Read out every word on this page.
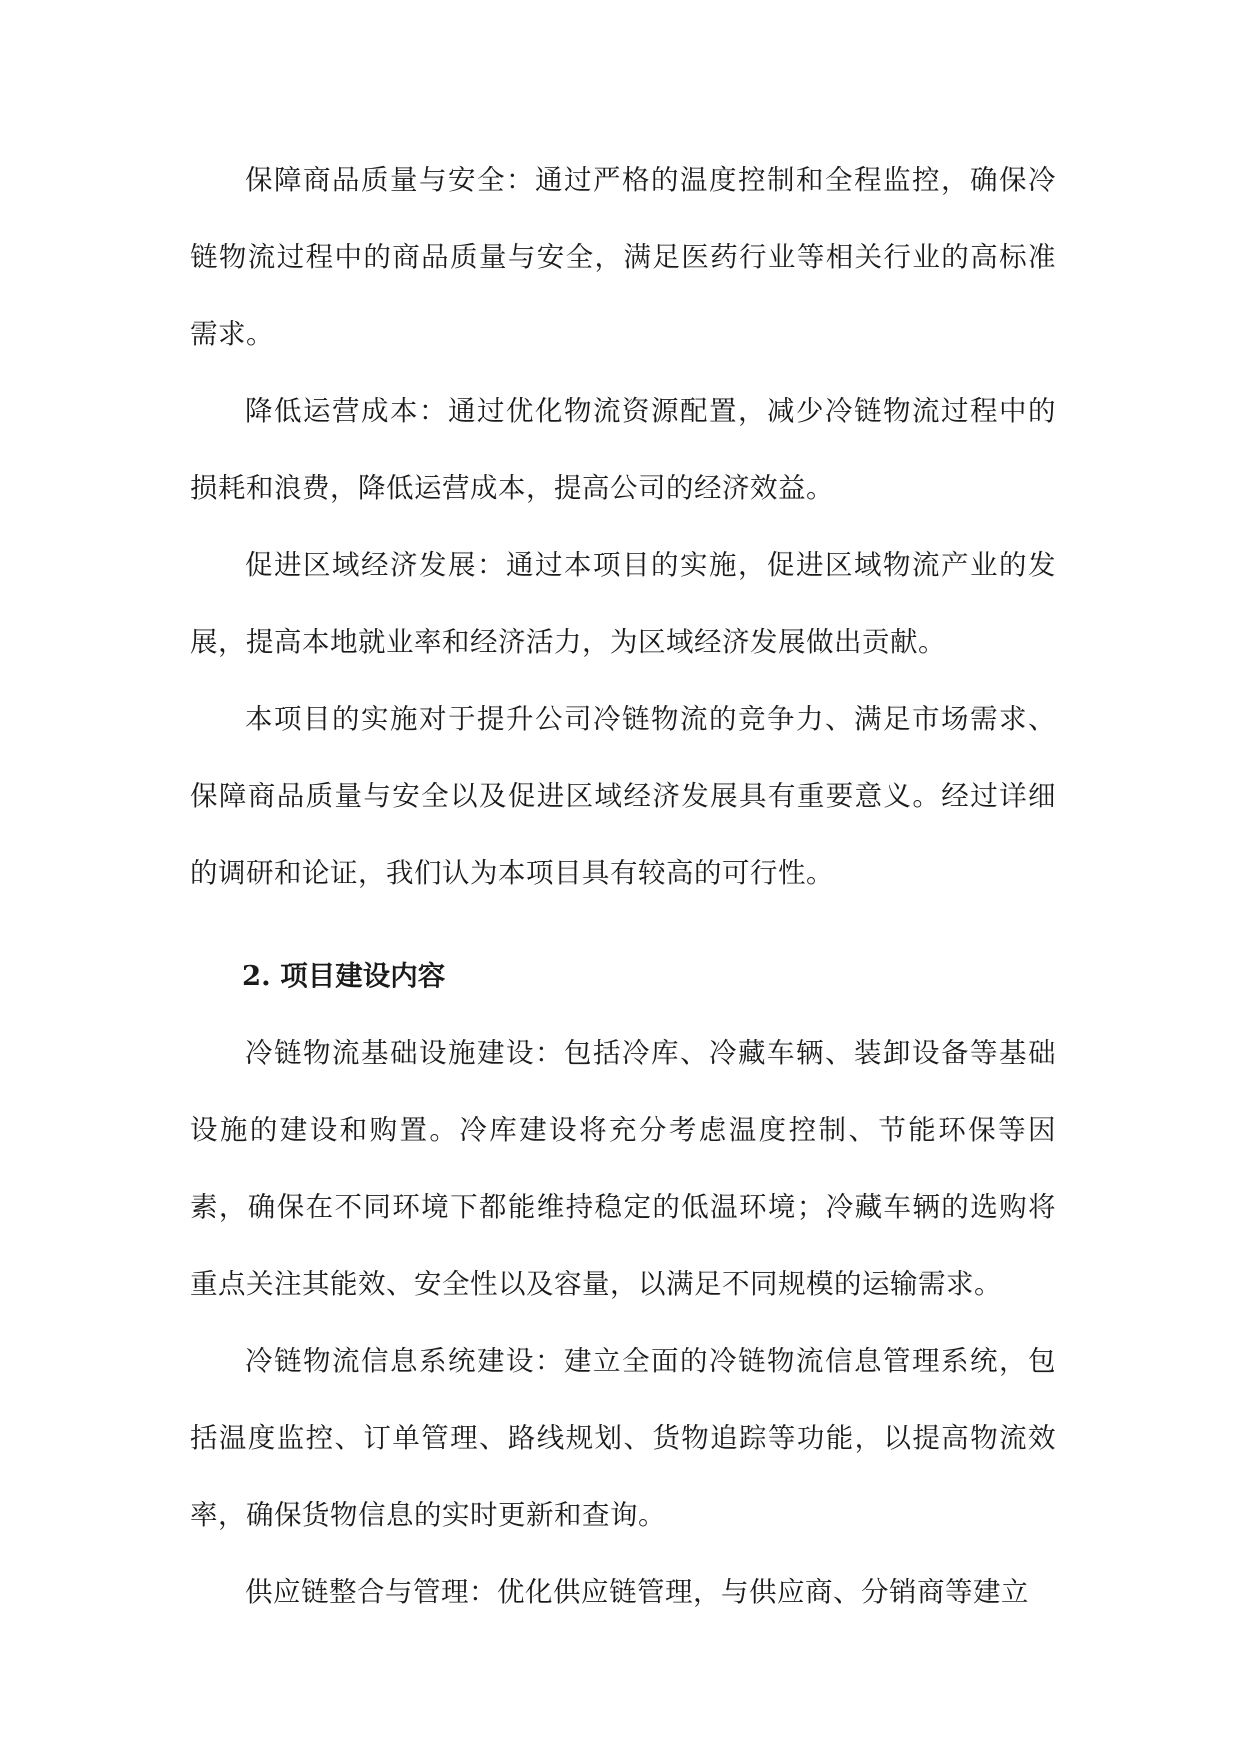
保障商品质量与安全：通过严格的温度控制和全程监控，确保冷链物流过程中的商品质量与安全，满足医药行业等相关行业的高标准需求。

降低运营成本：通过优化物流资源配置，减少冷链物流过程中的损耗和浪费，降低运营成本，提高公司的经济效益。

促进区域经济发展：通过本项目的实施，促进区域物流产业的发展，提高本地就业率和经济活力，为区域经济发展做出贡献。

本项目的实施对于提升公司冷链物流的竞争力、满足市场需求、保障商品质量与安全以及促进区域经济发展具有重要意义。经过详细的调研和论证，我们认为本项目具有较高的可行性。

2. 项目建设内容

冷链物流基础设施建设：包括冷库、冷藏车辆、装卸设备等基础设施的建设和购置。冷库建设将充分考虑温度控制、节能环保等因素，确保在不同环境下都能维持稳定的低温环境；冷藏车辆的选购将重点关注其能效、安全性以及容量，以满足不同规模的运输需求。

冷链物流信息系统建设：建立全面的冷链物流信息管理系统，包括温度监控、订单管理、路线规划、货物追踪等功能，以提高物流效率，确保货物信息的实时更新和查询。

供应链整合与管理：优化供应链管理，与供应商、分销商等建立
